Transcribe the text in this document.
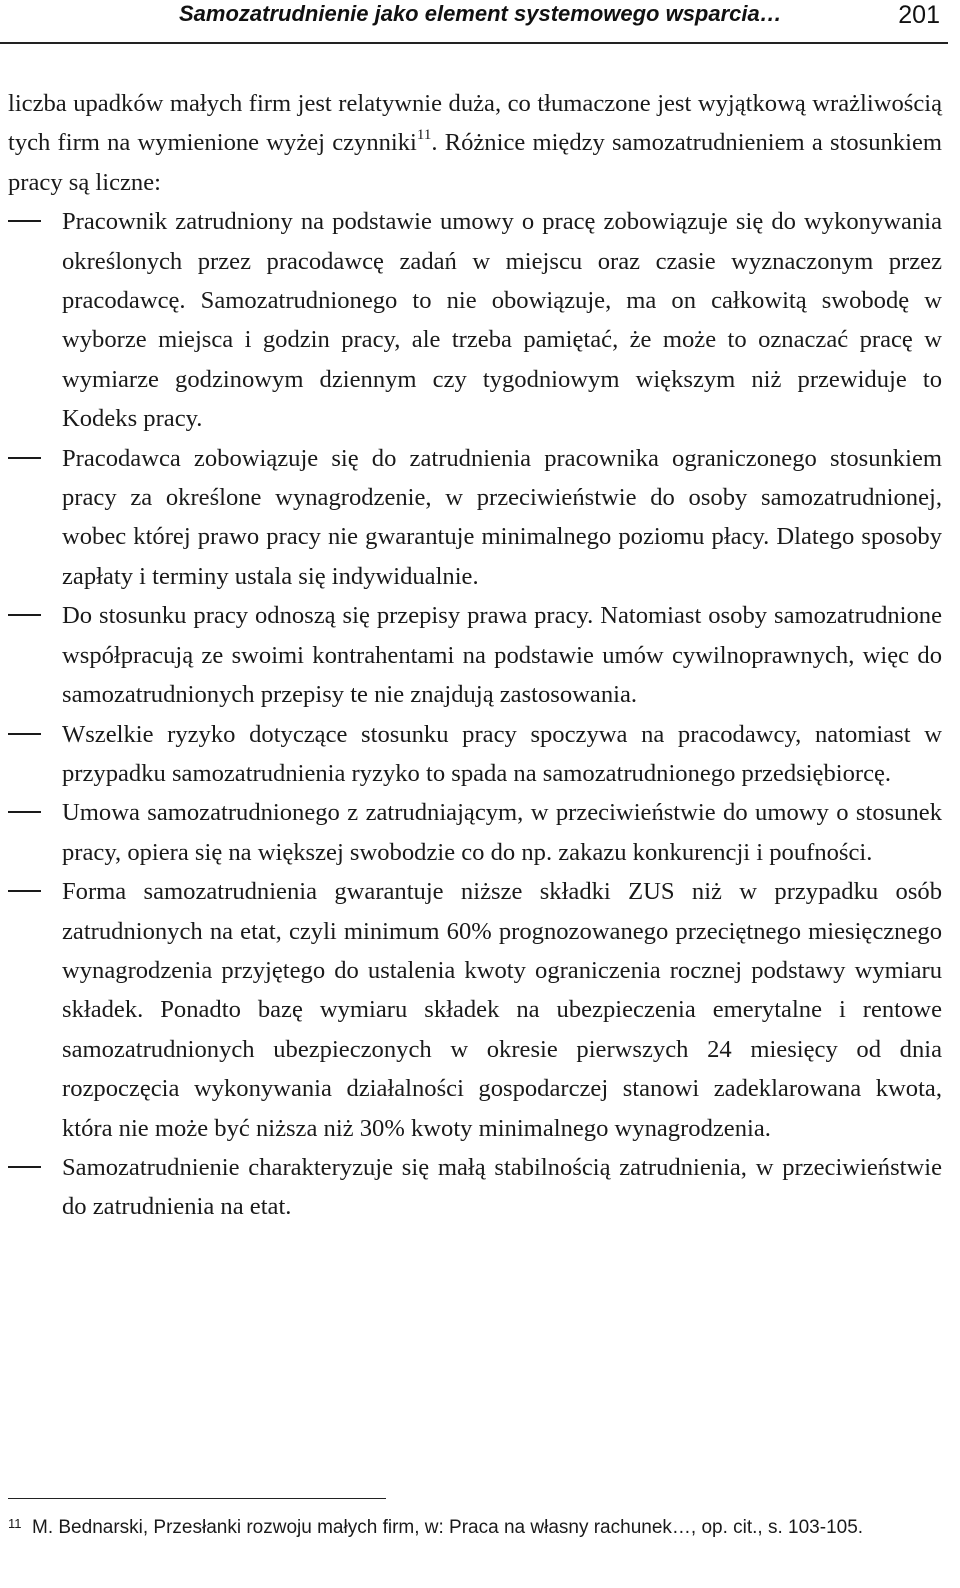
Samozatrudnienie jako element systemowego wsparcia…	201

liczba upadków małych firm jest relatywnie duża, co tłumaczone jest wyjątkową wrażliwością tych firm na wymienione wyżej czynniki$^{11}$. Różnice między samozatrudnieniem a stosunkiem pracy są liczne:

Pracownik zatrudniony na podstawie umowy o pracę zobowiązuje się do wykonywania określonych przez pracodawcę zadań w miejscu oraz czasie wyznaczonym przez pracodawcę. Samozatrudnionego to nie obowiązuje, ma on całkowitą swobodę w wyborze miejsca i godzin pracy, ale trzeba pamiętać, że może to oznaczać pracę w wymiarze godzinowym dziennym czy tygodniowym większym niż przewiduje to Kodeks pracy.
Pracodawca zobowiązuje się do zatrudnienia pracownika ograniczonego stosunkiem pracy za określone wynagrodzenie, w przeciwieństwie do osoby samozatrudnionej, wobec której prawo pracy nie gwarantuje minimalnego poziomu płacy. Dlatego sposoby zapłaty i terminy ustala się indywidualnie.
Do stosunku pracy odnoszą się przepisy prawa pracy. Natomiast osoby samozatrudnione współpracują ze swoimi kontrahentami na podstawie umów cywilnoprawnych, więc do samozatrudnionych przepisy te nie znajdują zastosowania.
Wszelkie ryzyko dotyczące stosunku pracy spoczywa na pracodawcy, natomiast w przypadku samozatrudnienia ryzyko to spada na samozatrudnionego przedsiębiorcę.
Umowa samozatrudnionego z zatrudniającym, w przeciwieństwie do umowy o stosunek pracy, opiera się na większej swobodzie co do np. zakazu konkurencji i poufności.
Forma samozatrudnienia gwarantuje niższe składki ZUS niż w przypadku osób zatrudnionych na etat, czyli minimum 60% prognozowanego przeciętnego miesięcznego wynagrodzenia przyjętego do ustalenia kwoty ograniczenia rocznej podstawy wymiaru składek. Ponadto bazę wymiaru składek na ubezpieczenia emerytalne i rentowe samozatrudnionych ubezpieczonych w okresie pierwszych 24 miesięcy od dnia rozpoczęcia wykonywania działalności gospodarczej stanowi zadeklarowana kwota, która nie może być niższa niż 30% kwoty minimalnego wynagrodzenia.
Samozatrudnienie charakteryzuje się małą stabilnością zatrudnienia, w przeciwieństwie do zatrudnienia na etat.
11 M. Bednarski, Przesłanki rozwoju małych firm, w: Praca na własny rachunek…, op. cit., s. 103-105.
